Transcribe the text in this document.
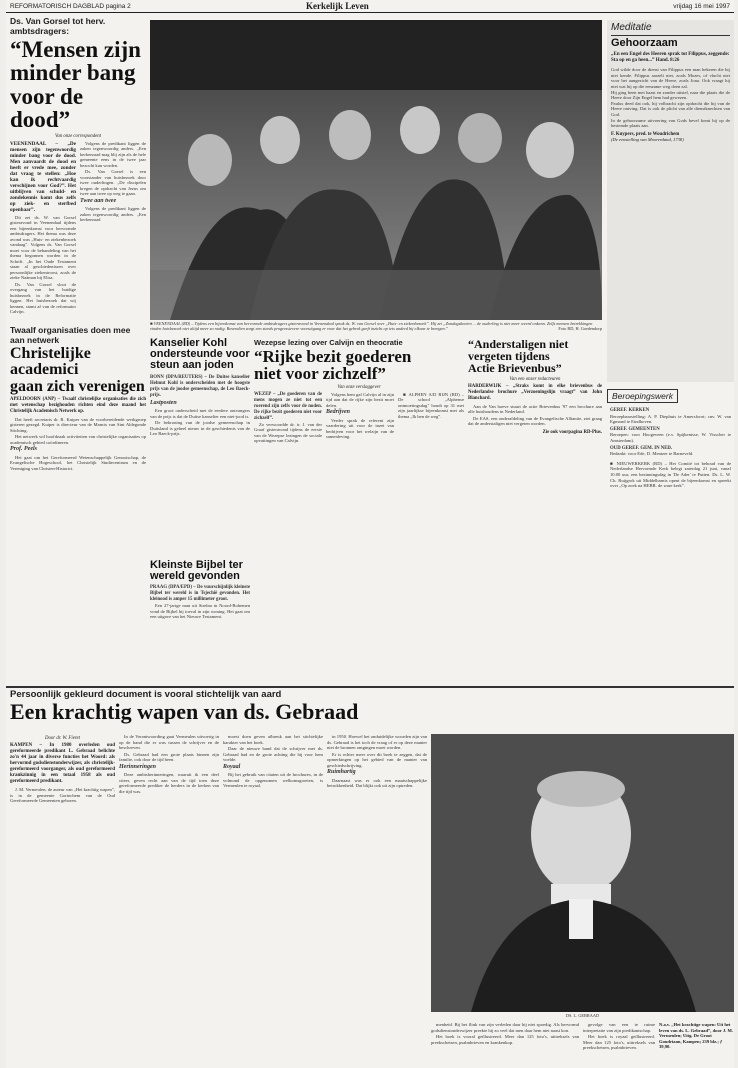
REFORMATORISCH DAGBLAD pagina 2	Kerkelijk Leven	vrijdag 16 mei 1997
Ds. Van Gorsel tot herv. ambtsdragers:
“Mensen zijn
minder bang
voor de dood”
Van onze correspondent
VEENENDAAL – „De mensen zijn tegenwoordig minder bang voor de dood. Men aanvaardt de dood en heeft er vrede mee, zonder dat vraag te stellen: „Hoe kan ik rechtvaardig verschijnen voor God?”. Het uitblijven van schuld- en zondekennis komt dus zelfs op ziek- en sterfbed openbaar”.

Dit zei ds. W. van Gorsel gisteravond in Veenendaal tijdens een bijeenkomst voor hervormde ambtsdragers. Het thema was deze avond was „Huis- en ziekenbezoek vandaag”. Volgens ds. Van Gorsel moet voor de behandeling van het thema begonnen worden in de Schrift. „In het Oude Testament staan al geschiedenissen over persoonlijke ziekentroost, zoals de zieke Naäman bij Elisa.

Ds. Van Gorsel sloot de overgang van het huidige huisbezoek in de Reformatie liggen. Het huisbezoek dat wij kennen, stamt af van de reformator Calvijn.

Volgens de predikant liggen de zaken tegenwoordig anders. „Een kerkenraad mag blij zijn als de hele gemeente eens in de twee jaar bezocht kan worden.

Ds. Van Gorsel is een voorstander van huisbezoek door twee ouderlingen. „De discipelen kregen de opdracht van Jezus om twee aan twee op weg te gaan.

Twee aan twee

Volgens de predikant liggen de zaken tegenwoordig anders. „Een kerkenraad

■ VEENENDAAL (RD) – Tijdens een bijeenkomst van hervormde ambtsdragers gisteravond in Veenendaal sprak ds. W. van Gorsel over „Huis- en ziekenbezoek”. Hij zei „Zondagskoeien ... de ouderling is niet meer weerd onkenn. Zelfs mensen betrekkingen vinden huisbezoek niet altijd meer zo nodig. Bovendien zorgt een steeds progressievere vooruitgang er voor dat het gebrek geeft inzicht op iets anderd bij elkaar te brengen.”	Foto RD, H. Goedendorp
Meditatie
Gehoorzaam
„En een Engel des Heeren sprak tot Filippus, zeggende: Sta op en ga heen...” Hand. 8:26

God wilde door de dienst van Filippus een man bekeren die hij niet kende. Filippus aarzelt niet, zoals Mozes, of vlucht niet voor het aangezicht van de Heere, zoals Jona. Ook vraagt hij niet wat hij op die eenzame weg doen zal.

Hij ging heen met haast en zonder uitstel, naar die plaats die de Heere door Zijn Engel hem had gewezen.

Paulus deed dat ook, hij volbracht zijn opdracht die hij van de Heere ontving. Dat is ook de plicht van alle dienstknechten van God.

In de gehoorzame uitvoering van Gods bevel komt hij op de bestemde plaats aan.

F. Kuypers, pred. te Woudrichem
(De eenstelling van Moorerdand, 1738)
Beroepingswerk
GEREF. KERKEN
Beroepbaarstelling: A. P. Diephuis te Amersfoort; cnv. W. van Egmond te Eindhoven.
GEREF. GEMEENTEN
Beroepen: voor Hoogeveen (e.v. Spijkenisse, W. Visscher te Amsterdam).
OUD GEREF. GEM. IN NED.
Bedankt: voor Ede, D. Mentzer te Barneveld.
■ NIEUWERKERK (RD) – Het Comité tot behoud van de Nederlandse Hervormde Kerk belegt zaterdag 21 juni, vanaf 10.00 uur, een bezinningsdag in 'De Ader' te Putten. Ds. L. W. Ch. Ruijgrok uit Middelharnis opent de bijeenkomst en spreekt over „Op zoek na HEBR. de ware kerk”.
Kanselier Kohl ondersteunde voor steun aan joden
BONN (DPA/REUTERS) – De Duitse kanselier Helmut Kohl is onderscheiden met de hoogste prijs van de joodse gemeenschap, de Leo Baeck-prijs.
Lastposten

Een groot onderscheid met de eerdere ontvangers van de prijs is dat de Duitse kanselier een niet-jood is.

De bekroning van de joodse gemeenschap in Duitsland is geheel nieuw in de geschiedenis van de Leo Baeck-prijs.

Kleinste Bijbel ter wereld gevonden
PRAAG (DPA/EPD) – De vuurschijnlijk kleinste Bijbel ter wereld is in Tsjechië gevonden. Het kleinood is amper 15 millimeter groot.

Een 27-jarige man uit Strelna in Noord-Bohemen vond de Bijbel bij toeval in zijn woning. Het gaat om een uitgave van het Nieuwe Testament.

Wezepse lezing over Calvijn en theocratie
“Rijke bezit goederen
niet voor zichzelf”
Van onze verslaggever
WEZEP – „De goederen van de mens mogen ze niet tot een roerend zijn zelfs voor de noden. De rijke bezit goederen niet voor zichzelf”.

Zo verwoordde dr. ir. J. van der Graaf gisteravond tijdens de eerste van de Wezepse lezingen de sociale opvattingen van Calvijn.

Volgens hem gaf Calvijn al in zijn tijd aan dat de rijke zijn bezit moet delen.

Bedrijven

Verder sprak de referent zijn vaardering uit voor de inzet van bedrijven voor het welzijn van de samenleving.

■ ALPHEN A/D RIJN (RD) – De school „Alphense ontmoetingsdag” houdt op 31 mei zijn jaarlijkse bijeenkomst met als thema „Ik ben de weg”.

“Anderstaligen niet
vergeten tijdens
Actie Brievenbus”
Van een onzer redacteuren
HARDERWIJK – „Straks komt in elke brievenbus de Nederlandse brochure „Verzoeningslijn vraagt” van John Blanchard.

Aan de Van hoeve stuurt de actie Brievenbus '97 een brochure aan alle huishoudens in Nederland.

De EAS, een onderafdeling van de Evangelische Alliantie, ziet graag dat de anderstaligen niet vergeten worden.

Zie ook voorpagina RD-Plus.
Twaalf organisaties doen mee aan netwerk
Christelijke academici
gaan zich verenigen
APELDOORN (ANP) – Twaalf christelijke organisaties die zich met wetenschap bezighouden richten eind deze maand het Christelijk Academisch Netwerk op.

Dat heeft secretaris dr. R. Kuiper van de voorbereidende werkgroep gisteren gezegd. Kuiper is directeur van de Marnix van Sint Aldegonde Stichting.

Het netwerk wil hoofdzaak activiteiten van christelijke organisaties op academisch gebied coördineren.

Prof. Peels

Het gaat om het Gereformeerd Wetenschappelijk Genootschap, de Evangelische Hogeschool, het Christelijk Studiecentrum en de Vereniging van Christen-Historici.

Persoonlijk gekleurd document is vooral stichtelijk van aard
Een krachtig wapen van ds. Gebraad
Door dr. W. Fieret
KAMPEN – In 1980 overleden oud gereformeerde predikant L. Gebraad belichte zo'n 44 jaar in diverse functies het Woord: als hervormd godsdienstonderwijzer, als christelijk-gereformeerd voorganger, als oud gereformeerd krankzinnig in een totaal 1958 als oud gereformeerd predikant.

J. M. Vermeulen, de auteur van „Het krachtig wapen”, is in de gemeente Gorinchem van de Oud Gereformeerde Gemeenten geboren.

In de Verantwoording gaat Vermeulen uitvoerig in op de band die er was tussen de schrijver en de beschreven.

Ds. Gebraad had een grote plaats binnen zijn familie, ook door de tijd heen.

Herinneringen

Deze ambtsherinneringen, waaruit ik een deel citeer, geven recht aan van de tijd toen deze gereformeerde prediker de herders in de kerken van die tijd was.

moest doen geven afbreuk aan het stichtelijke karakter van het boek.

Daar de nieuwe band dat de schrijver met ds. Gebraad had en de grote achting die hij voor hem voelde.

Royaal

Bij het gebruik van citaten uit de brochures, in de volmond de opgenomen welkomsgroeten, is Vermeulen te royaal.

in 1950. Hoewel het onduidelijke woorden zijn van ds. Gebraad is het toch de vraag of er op deze manier niet de bronnen ontgingen moet worden.

Er is echter meer over dit boek te zeggen, dat de opmerkingen op het gebied van de manier van geschiedschrijving.

Ruimhartig

Daarnaast was er ook een maatschappelijke betrokkenheid. Dat blijkt ook uit zijn optreden.

DS. L. GEBRAAD

menheid. Bij het flink van zijn verleden daar hij niet spoedig. Als hervormd godsdienstonderwijzer preekte hij zo veel dat men daar hem niet naast kon.

Het boek is vooral geïllustreerd. Meer dan 125 foto's, uittreksels van preekschetsen, psalmbrieven en krankenkop.

gevolge van een te ruime interpretatie van zijn predikantschap.

Het boek is royaal geïllustreerd. Meer dan 125 foto's, uittreksels van preekschetsen, psalmbrieven.

N.a.v. „Het krachtige wapen: Uit het leven van ds. L. Gebraad”, door J. M. Vermeulen; Uitg. De Groot Goudriaan, Kampen; 239 blz.; ƒ 39,90.
